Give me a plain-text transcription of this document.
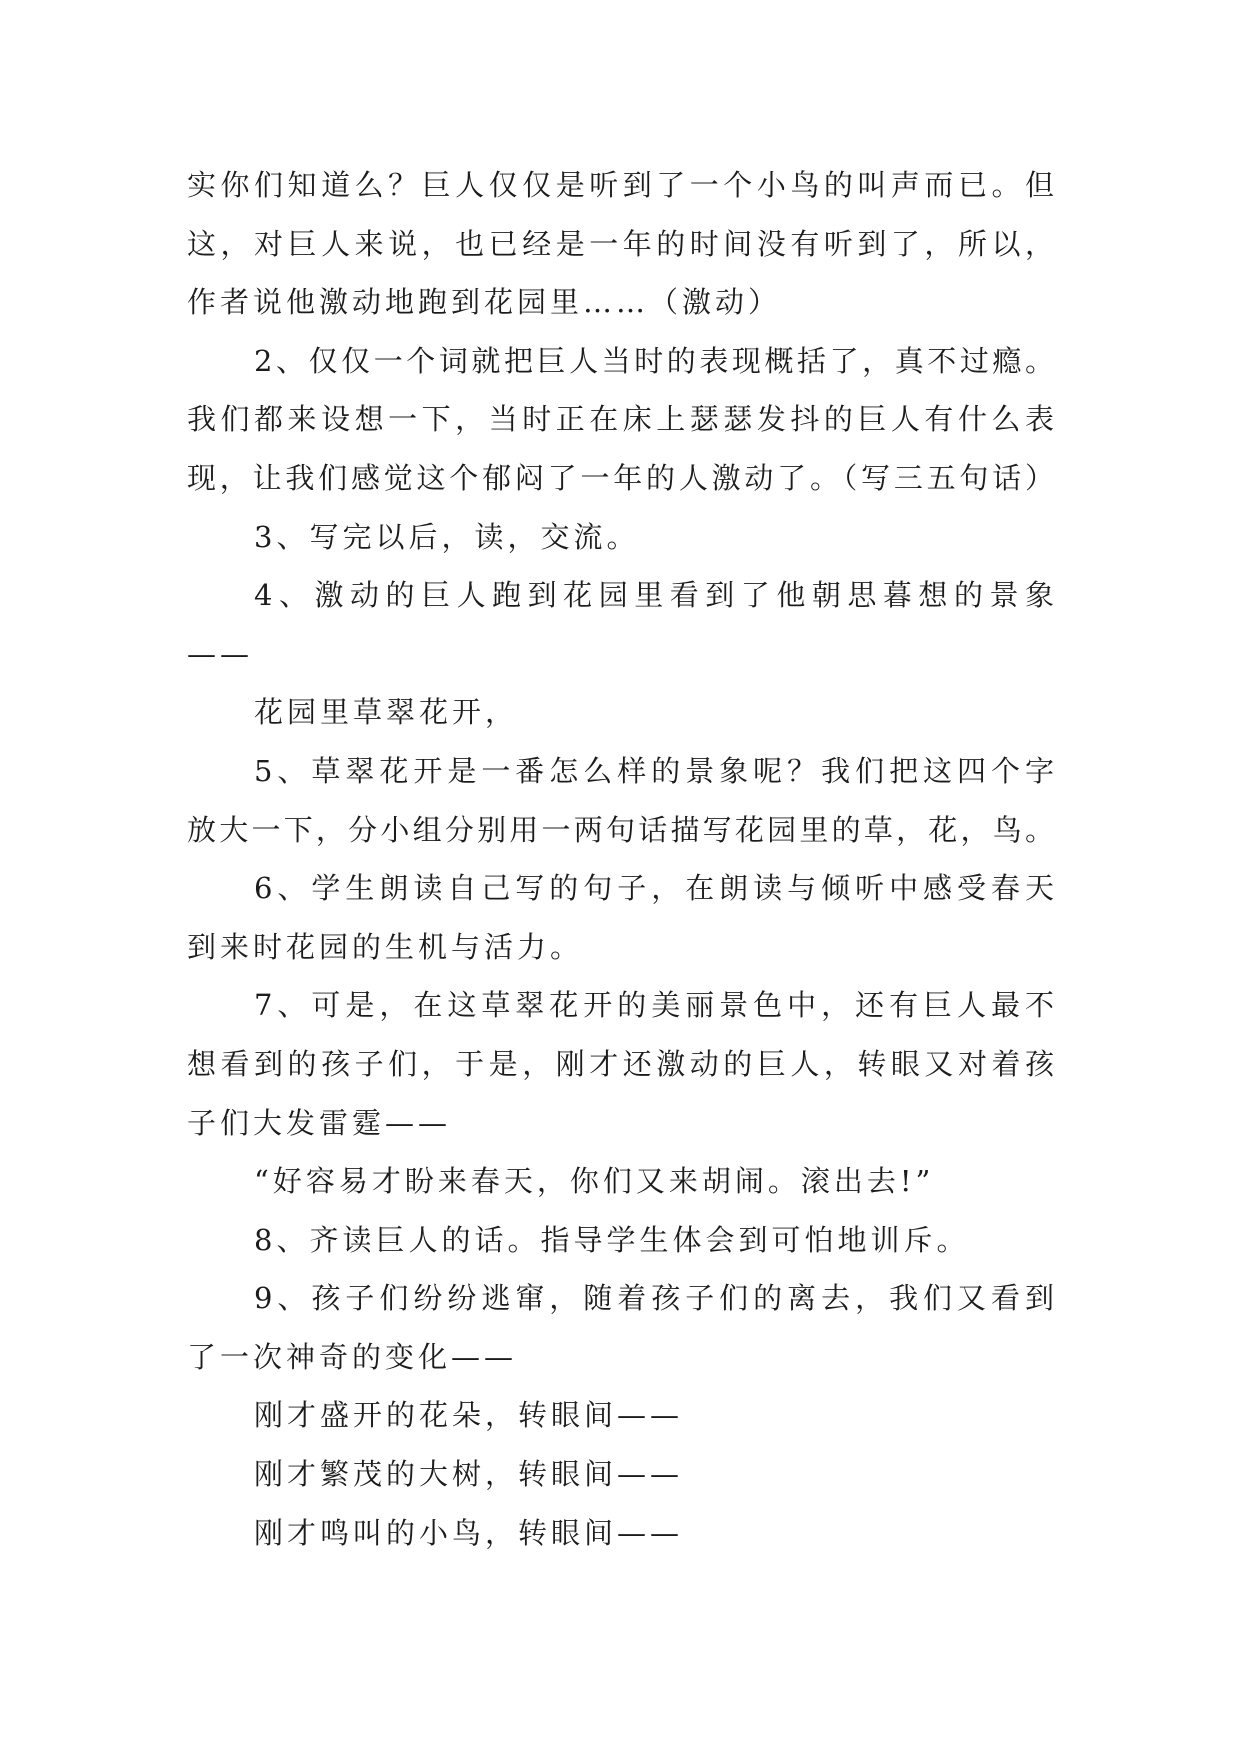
实你们知道么？巨人仅仅是听到了一个小鸟的叫声而已。但
这，对巨人来说，也已经是一年的时间没有听到了，所以，
作者说他激动地跑到花园里……（激动）
2、仅仅一个词就把巨人当时的表现概括了，真不过瘾。
我们都来设想一下，当时正在床上瑟瑟发抖的巨人有什么表
现，让我们感觉这个郁闷了一年的人激动了。（写三五句话）
3、写完以后，读，交流。
4、激动的巨人跑到花园里看到了他朝思暮想的景象
——
花园里草翠花开，
5、草翠花开是一番怎么样的景象呢？我们把这四个字
放大一下，分小组分别用一两句话描写花园里的草，花，鸟。
6、学生朗读自己写的句子，在朗读与倾听中感受春天
到来时花园的生机与活力。
7、可是，在这草翠花开的美丽景色中，还有巨人最不
想看到的孩子们，于是，刚才还激动的巨人，转眼又对着孩
子们大发雷霆——
“好容易才盼来春天，你们又来胡闹。滚出去!”
8、齐读巨人的话。指导学生体会到可怕地训斥。
9、孩子们纷纷逃窜，随着孩子们的离去，我们又看到
了一次神奇的变化——
刚才盛开的花朵，转眼间——
刚才繁茂的大树，转眼间——
刚才鸣叫的小鸟，转眼间——
